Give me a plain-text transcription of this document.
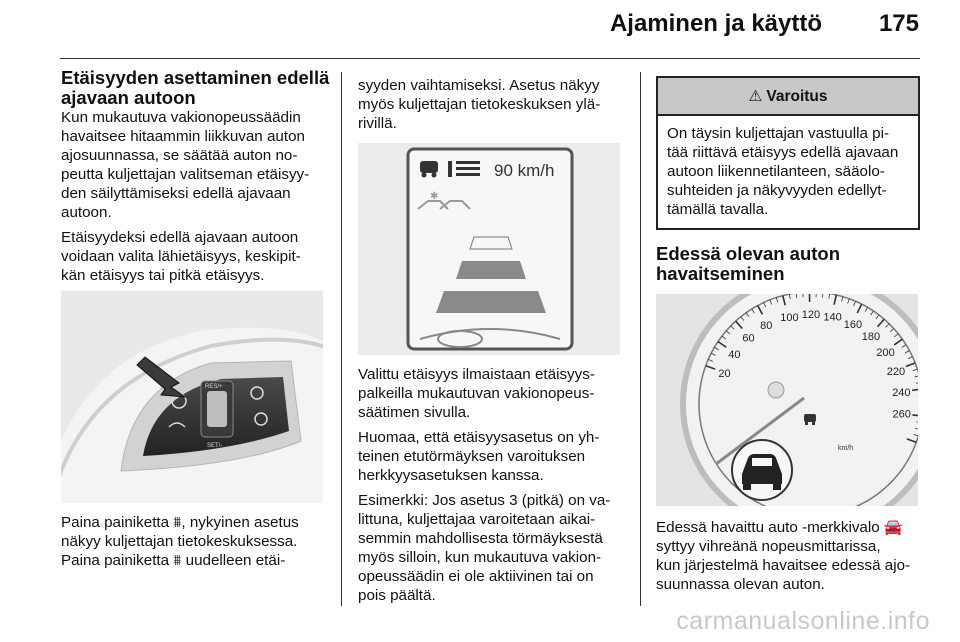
Ajaminen ja käyttö 175
Etäisyyden asettaminen edellä
ajavaan autoon

Kun mukautuva vakionopeussäädin
havaitsee hitaammin liikkuvan auton
ajosuunnassa, se säätää auton no-
peutta kuljettajan valitseman etäisyy-
den säilyttämiseksi edellä ajavaan
autoon.

Etäisyydeksi edellä ajavaan autoon
voidaan valita lähietäisyys, keskipit-
kän etäisyys tai pitkä etäisyys.

RES/+
SET/-

Paina painiketta ⩩, nykyinen asetus
näkyy kuljettajan tietokeskuksessa.
Paina painiketta ⩩ uudelleen etäi-

syyden vaihtamiseksi. Asetus näkyy
myös kuljettajan tietokeskuksen ylä-
rivillä.

90 km/h
✱

Valittu etäisyys ilmaistaan etäisyys-
palkeilla mukautuvan vakionopeus-
säätimen sivulla.

Huomaa, että etäisyysasetus on yh-
teinen etutörmäyksen varoituksen
herkkyysasetuksen kanssa.

Esimerkki: Jos asetus 3 (pitkä) on va-
littuna, kuljettajaa varoitetaan aikai-
semmin mahdollisesta törmäyksestä
myös silloin, kun mukautuva vakion-
opeussäädin ei ole aktiivinen tai on
pois päältä.

⚠ Varoitus
On täysin kuljettajan vastuulla pi-
tää riittävä etäisyys edellä ajavaan
autoon liikennetilanteen, sääolo-
suhteiden ja näkyvyyden edellyt-
tämällä tavalla.
Edessä olevan auton
havaitseminen
20
40
60
80
100 120 140
160
180
200
220
240
260
km/h

Edessä havaittu auto -merkkivalo 🚘
syttyy vihreänä nopeusmittarissa,
kun järjestelmä havaitsee edessä ajo-
suunnassa olevan auton.

carmanualsonline.info
